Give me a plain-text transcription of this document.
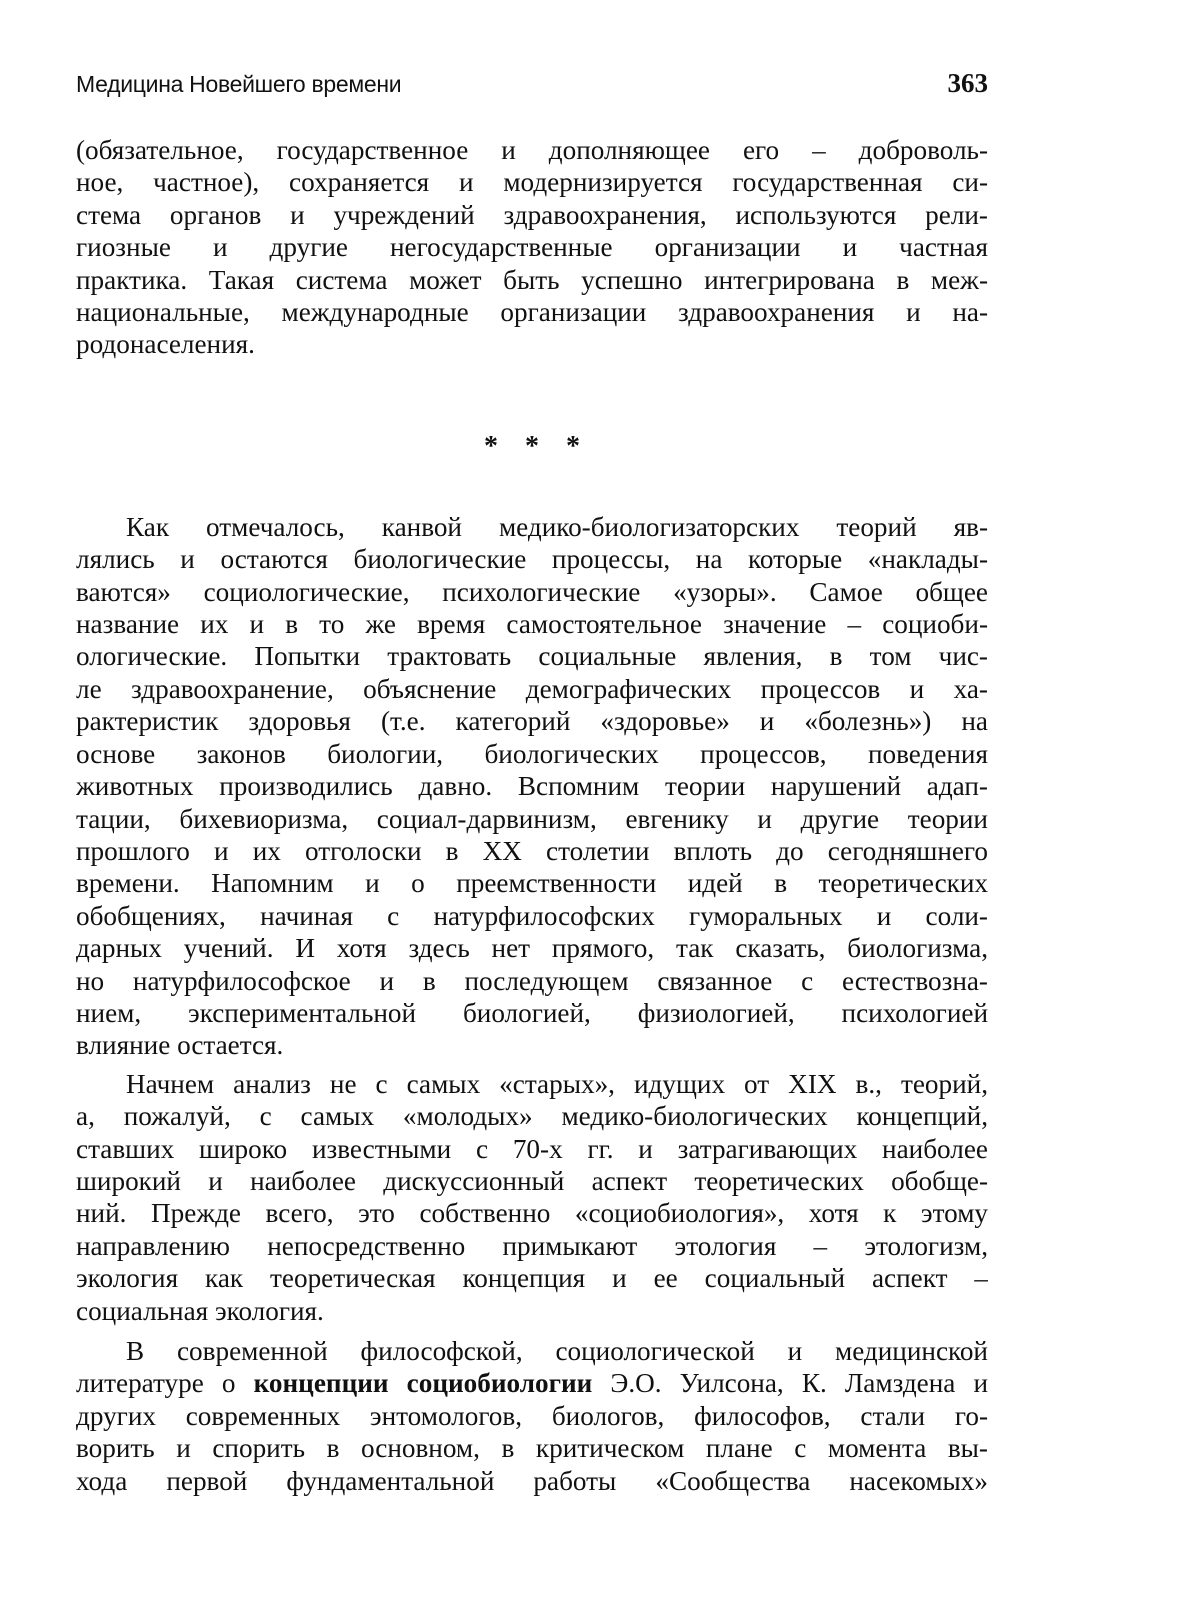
Медицина Новейшего времени	363
(обязательное, государственное и дополняющее его – доброволь-
ное, частное), сохраняется и модернизируется государственная си-
стема органов и учреждений здравоохранения, используются рели-
гиозные и другие негосударственные организации и частная
практика. Такая система может быть успешно интегрирована в меж-
национальные, международные организации здравоохранения и на-
родонаселения.
* * *
Как отмечалось, канвой медико-биологизаторских теорий яв-
лялись и остаются биологические процессы, на которые «наклады-
ваются» социологические, психологические «узоры». Самое общее
название их и в то же время самостоятельное значение – социоби-
ологические. Попытки трактовать социальные явления, в том чис-
ле здравоохранение, объяснение демографических процессов и ха-
рактеристик здоровья (т.е. категорий «здоровье» и «болезнь») на
основе законов биологии, биологических процессов, поведения
животных производились давно. Вспомним теории нарушений адап-
тации, бихевиоризма, социал-дарвинизм, евгенику и другие теории
прошлого и их отголоски в XX столетии вплоть до сегодняшнего
времени. Напомним и о преемственности идей в теоретических
обобщениях, начиная с натурфилософских гуморальных и соли-
дарных учений. И хотя здесь нет прямого, так сказать, биологизма,
но натурфилософское и в последующем связанное с естествозна-
нием, экспериментальной биологией, физиологией, психологией
влияние остается.
Начнем анализ не с самых «старых», идущих от XIX в., теорий,
а, пожалуй, с самых «молодых» медико-биологических концепций,
ставших широко известными с 70-х гг. и затрагивающих наиболее
широкий и наиболее дискуссионный аспект теоретических обобще-
ний. Прежде всего, это собственно «социобиология», хотя к этому
направлению непосредственно примыкают этология – этологизм,
экология как теоретическая концепция и ее социальный аспект –
социальная экология.
В современной философской, социологической и медицинской
литературе о концепции социобиологии Э.О. Уилсона, К. Ламздена и
других современных энтомологов, биологов, философов, стали го-
ворить и спорить в основном, в критическом плане с момента вы-
хода первой фундаментальной работы «Сообщества насекомых»
